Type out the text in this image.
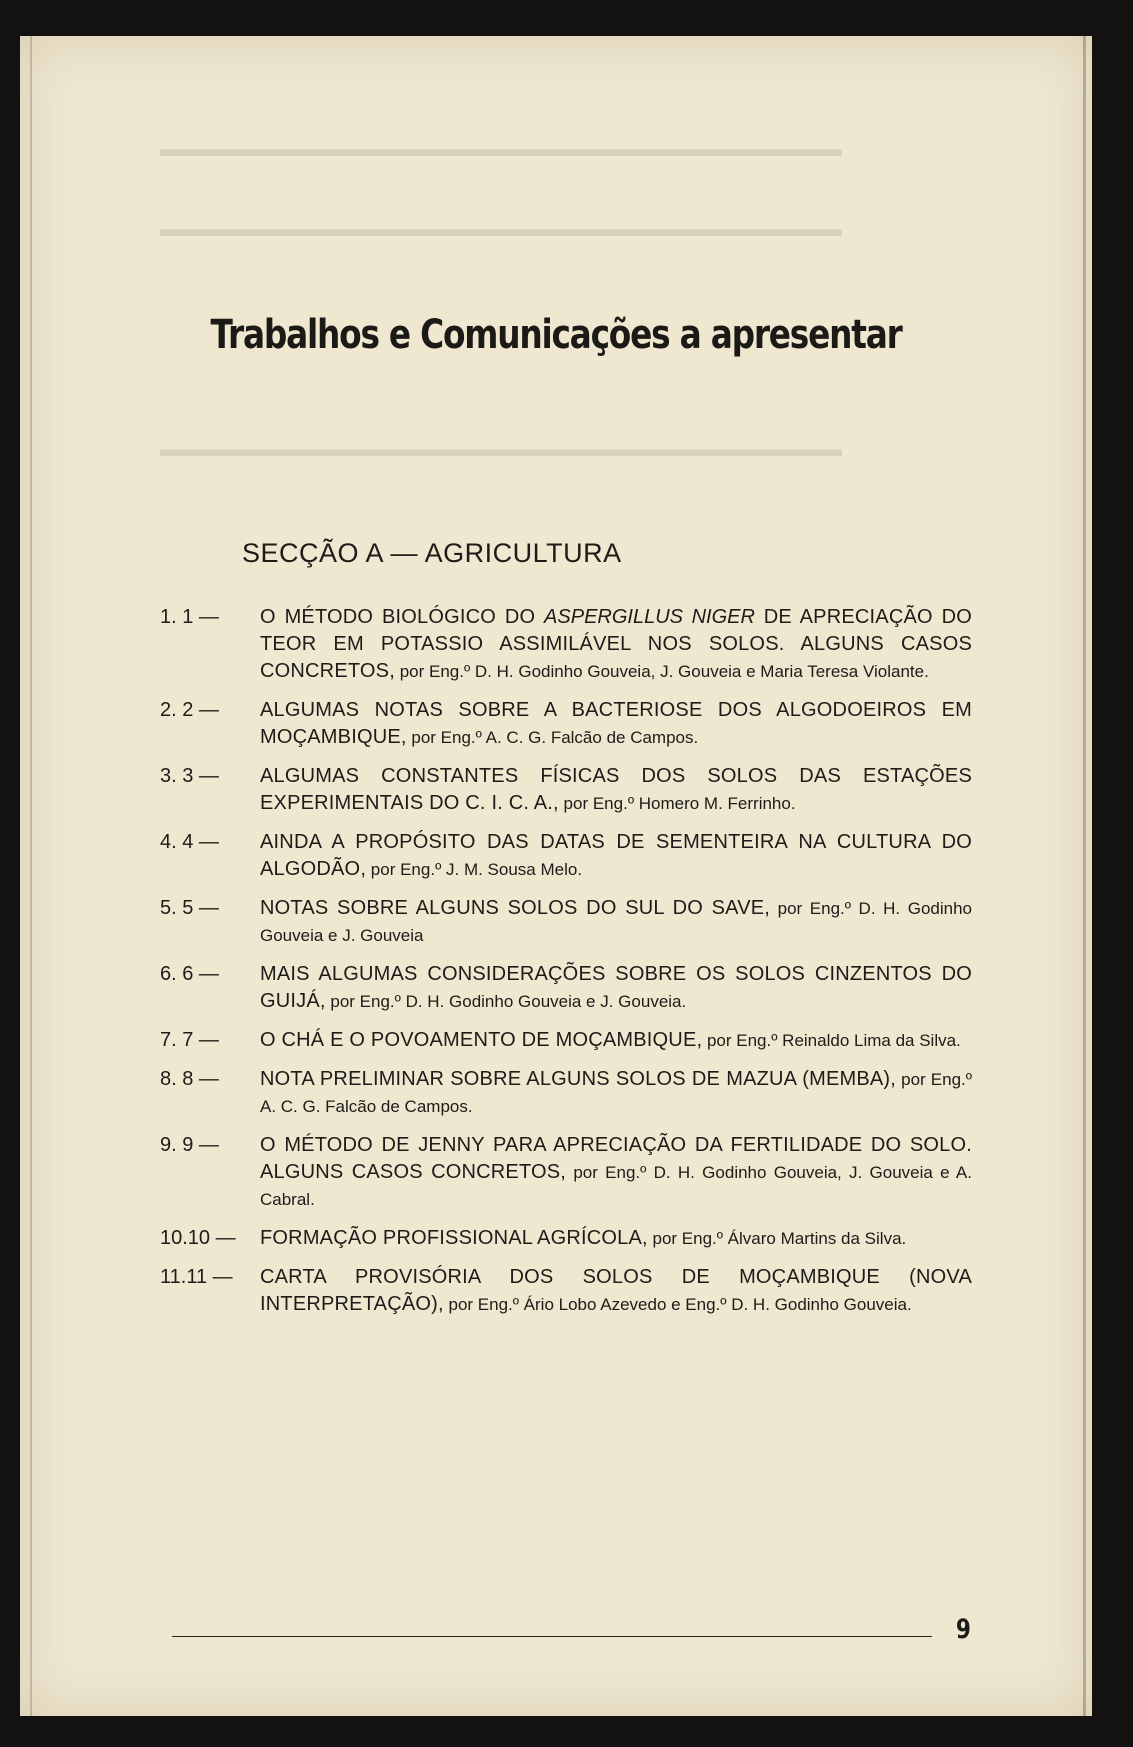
▬▬▬▬▬▬▬▬▬▬▬▬▬▬▬▬▬▬▬▬▬▬▬▬▬▬▬▬▬▬▬
▬▬▬▬▬▬▬▬▬▬▬▬▬▬▬▬▬▬▬▬▬▬▬▬▬▬▬▬▬▬▬
▬▬▬▬▬▬▬▬▬▬▬▬▬▬▬▬▬▬▬▬▬▬▬▬▬▬▬▬▬▬▬
Trabalhos e Comunicações a apresentar
SECÇÃO A — AGRICULTURA
1. 1 —	O MÉTODO BIOLÓGICO DO ASPERGILLUS NIGER DE APRECIAÇÃO DO TEOR EM POTASSIO ASSIMILÁVEL NOS SOLOS. ALGUNS CASOS CONCRETOS, por Eng.º D. H. Godinho Gouveia, J. Gouveia e Maria Teresa Violante.
2. 2 —	ALGUMAS NOTAS SOBRE A BACTERIOSE DOS ALGODOEIROS EM MOÇAMBIQUE, por Eng.º A. C. G. Falcão de Campos.
3. 3 —	ALGUMAS CONSTANTES FÍSICAS DOS SOLOS DAS ESTAÇÕES EXPERIMENTAIS DO C. I. C. A., por Eng.º Homero M. Ferrinho.
4. 4 —	AINDA A PROPÓSITO DAS DATAS DE SEMENTEIRA NA CULTURA DO ALGODÃO, por Eng.º J. M. Sousa Melo.
5. 5 —	NOTAS SOBRE ALGUNS SOLOS DO SUL DO SAVE, por Eng.º D. H. Godinho Gouveia e J. Gouveia
6. 6 —	MAIS ALGUMAS CONSIDERAÇÕES SOBRE OS SOLOS CINZENTOS DO GUIJÁ, por Eng.º D. H. Godinho Gouveia e J. Gouveia.
7. 7 —	O CHÁ E O POVOAMENTO DE MOÇAMBIQUE, por Eng.º Reinaldo Lima da Silva.
8. 8 —	NOTA PRELIMINAR SOBRE ALGUNS SOLOS DE MAZUA (MEMBA), por Eng.º A. C. G. Falcão de Campos.
9. 9 —	O MÉTODO DE JENNY PARA APRECIAÇÃO DA FERTILIDADE DO SOLO. ALGUNS CASOS CONCRETOS, por Eng.º D. H. Godinho Gouveia, J. Gouveia e A. Cabral.
10.10 —	FORMAÇÃO PROFISSIONAL AGRÍCOLA, por Eng.º Álvaro Martins da Silva.
11.11 —	CARTA PROVISÓRIA DOS SOLOS DE MOÇAMBIQUE (NOVA INTERPRETAÇÃO), por Eng.º Ário Lobo Azevedo e Eng.º D. H. Godinho Gouveia.
9
